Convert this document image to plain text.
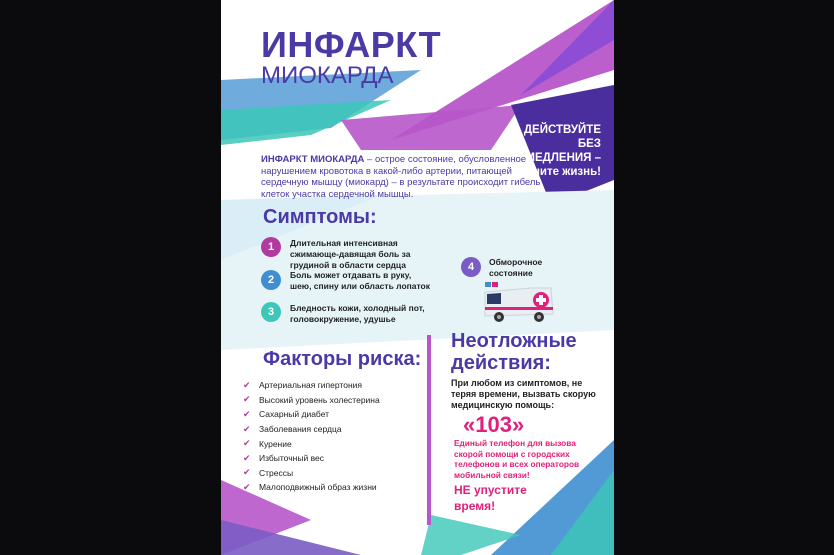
ИНФАРКТ
МИОКАРДА
ДЕЙСТВУЙТЕ БЕЗ ПРОМЕДЛЕНИЯ – сохраните жизнь!
ИНФАРКТ МИОКАРДА – острое состояние, обусловленное нарушением кровотока в какой-либо артерии, питающей сердечную мышцу (миокард) – в результате происходит гибель клеток участка сердечной мышцы.
Симптомы:
1	Длительная интенсивная сжимающе-давящая боль за грудиной в области сердца
2	Боль может отдавать в руку, шею, спину или область лопаток
3	Бледность кожи, холодный пот, головокружение, удушье
4	Обморочное состояние
Факторы риска:
✔ Артериальная гипертония
✔ Высокий уровень холестерина
✔ Сахарный диабет
✔ Заболевания сердца
✔ Курение
✔ Избыточный вес
✔ Стрессы
✔ Малоподвижный образ жизни
Неотложные действия:
При любом из симптомов, не теряя времени, вызвать скорую медицинскую помощь:
«103»
Единый телефон для вызова скорой помощи с городских телефонов и всех операторов мобильной связи!
НЕ упустите время!
